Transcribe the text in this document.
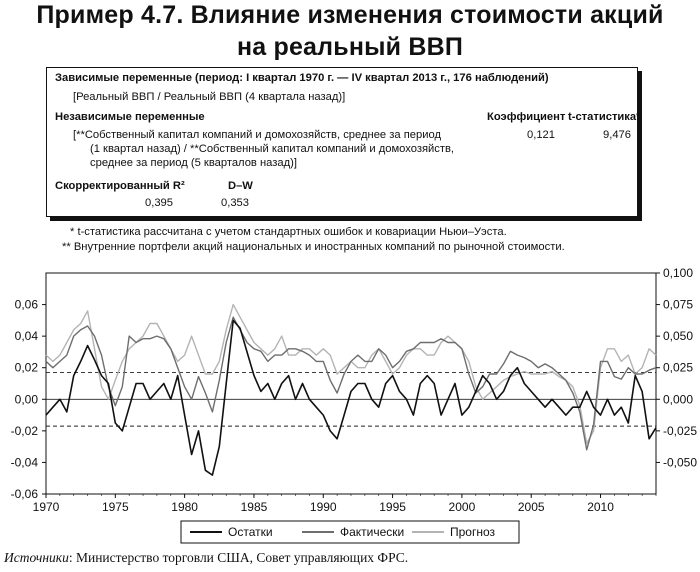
Пример 4.7. Влияние изменения стоимости акций
на реальный ВВП
Зависимые переменные (период: I квартал 1970 г. — IV квартал 2013 г., 176 наблюдений)
[Реальный ВВП / Реальный ВВП (4 квартала назад)]
Независимые переменные	Коэффициент t-статистика*
[**Собственный капитал компаний и домохозяйств, среднее за период
(1 квартал назад) / **Собственный капитал компаний и домохозяйств,
среднее за период (5 кварталов назад)]
0,121	9,476
Скорректированный R²	D–W
0,395	0,353
* t-статистика рассчитана с учетом стандартных ошибок и ковариации Ньюи–Уэста.
** Внутренние портфели акций национальных и иностранных компаний по рыночной стоимости.
0,06
0,04
0,02
0,00
-0,02
-0,04
-0,06
0,100
0,075
0,050
0,025
0,000
-0,025
-0,050
1970	1975	1980	1985	1990	1995	2000	2005	2010
Остатки	Фактически	Прогноз
Источники: Министерство торговли США, Совет управляющих ФРС.
